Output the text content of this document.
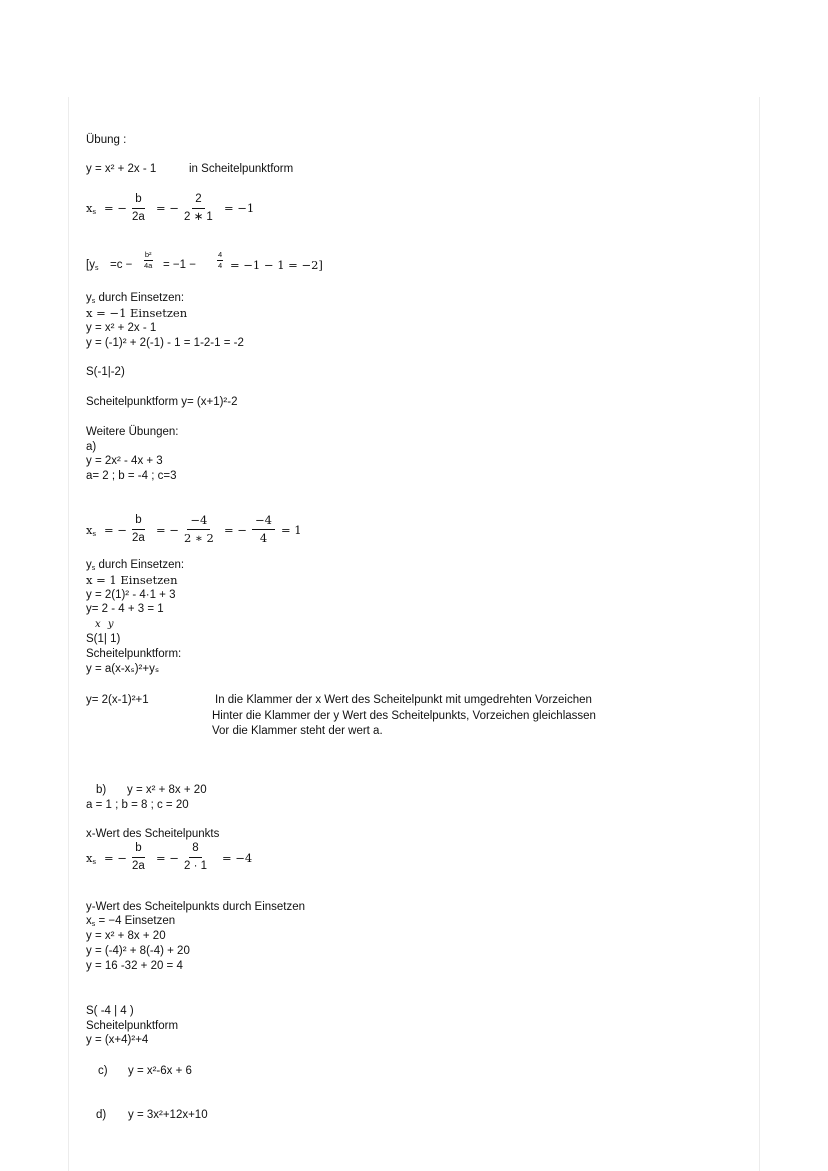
Übung :
y = x² + 2x - 1	in Scheitelpunktform
$x_s$ = − $\frac{b}{2a}$ = − $\frac{2}{2 ∗ 1} = -1$
[$y_s =c - \frac{\text{b²}}{4a} = -1$ −	$\frac{4}{4} = -1 - 1 = -2$]
$y_s$ durch Einsetzen:
x = −1 Einsetzen
y = x² + 2x - 1
y = (-1)² + 2(-1) - 1 = 1-2-1 = -2
S(-1|-2)
Scheitelpunktform y= (x+1)²-2
Weitere Übungen:
a)
y = 2x² - 4x + 3
a= 2 ; b = -4 ; c=3
$x_s$ = − $\frac{b}{2a}$ = − $\frac{-4}{2 ∗ 2}$ = − $\frac{-4}{4} = 1$
$y_s$ durch Einsetzen:
x = 1 Einsetzen
y = 2(1)² - 4·1 + 3
y= 2 - 4 + 3 = 1
x y
S(1| 1)
Scheitelpunktform:
y = a(x-xₛ)²+yₛ
y= 2(x-1)²+1	In die Klammer der x Wert des Scheitelpunkt mit umgedrehten Vorzeichen
Hinter die Klammer der y Wert des Scheitelpunkts, Vorzeichen gleichlassen
Vor die Klammer steht der wert a.
b) y = x² + 8x + 20
a = 1 ; b = 8 ; c = 20
x-Wert des Scheitelpunkts
$x_s$ = − $\frac{b}{2a}$ = − $\frac{8}{2 \cdot 1} = -4$
y-Wert des Scheitelpunkts durch Einsetzen
$x_s = -4$ Einsetzen
y = x² + 8x + 20
y = (-4)² + 8(-4) + 20
y = 16 -32 + 20 = 4
S( -4 | 4 )
Scheitelpunktform
y = (x+4)²+4
c) y = x²-6x + 6
d) y = 3x²+12x+10
